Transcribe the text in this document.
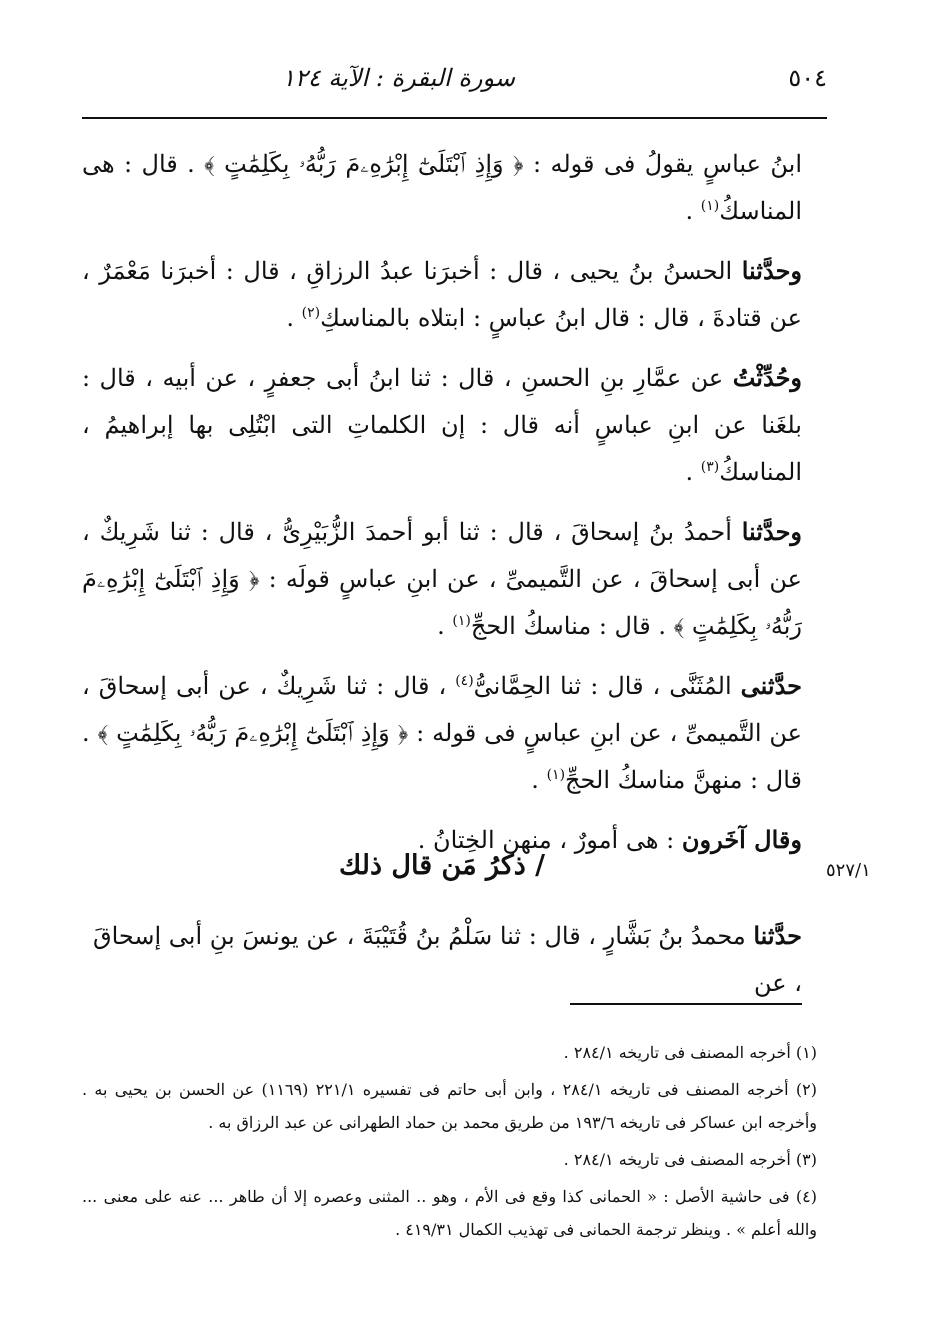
٥٠٤
سورة البقرة : الآية ١٢٤

ابنُ عباسٍ يقولُ فى قوله : ﴿ وَإِذِ ٱبْتَلَىٰٓ إِبْرَٰهِۦمَ رَبُّهُۥ بِكَلِمَٰتٍ ﴾ . قال : هى المناسكُ$^{(١)}$ .

وحدَّثنا الحسنُ بنُ يحيى ، قال : أخبرَنا عبدُ الرزاقِ ، قال : أخبرَنا مَعْمَرٌ ، عن قتادةَ ، قال : قال ابنُ عباسٍ : ابتلاه بالمناسكِ$^{(٢)}$ .

وحُدِّثْتُ عن عمَّارِ بنِ الحسنِ ، قال : ثنا ابنُ أبى جعفرٍ ، عن أبيه ، قال : بلغَنا عن ابنِ عباسٍ أنه قال : إن الكلماتِ التى ابْتُلِى بها إبراهيمُ ، المناسكُ$^{(٣)}$ .

وحدَّثنا أحمدُ بنُ إسحاقَ ، قال : ثنا أبو أحمدَ الزُّبَيْرِىُّ ، قال : ثنا شَرِيكٌ ، عن أبى إسحاقَ ، عن التَّميمىِّ ، عن ابنِ عباسٍ قولَه : ﴿ وَإِذِ ٱبْتَلَىٰٓ إِبْرَٰهِۦمَ رَبُّهُۥ بِكَلِمَٰتٍ ﴾ . قال : مناسكُ الحجِّ$^{(١)}$ .

حدَّثنى المُثَنَّى ، قال : ثنا الحِمَّانىُّ$^{(٤)}$ ، قال : ثنا شَرِيكٌ ، عن أبى إسحاقَ ، عن التَّميمىِّ ، عن ابنِ عباسٍ فى قوله : ﴿ وَإِذِ ٱبْتَلَىٰٓ إِبْرَٰهِۦمَ رَبُّهُۥ بِكَلِمَٰتٍ ﴾ . قال : منهنَّ مناسكُ الحجِّ$^{(١)}$ .

وقال آخَرون : هى أمورٌ ، منهن الخِتانُ .

/ ذكرُ مَن قال ذلك	٥٢٧/١

حدَّثنا محمدُ بنُ بَشَّارٍ ، قال : ثنا سَلْمُ بنُ قُتَيْبَةَ ، عن يونسَ بنِ أبى إسحاقَ ، عن

(١) أخرجه المصنف فى تاريخه ٢٨٤/١ .

(٢) أخرجه المصنف فى تاريخه ٢٨٤/١ ، وابن أبى حاتم فى تفسيره ٢٢١/١ (١١٦٩) عن الحسن بن يحيى به . وأخرجه ابن عساكر فى تاريخه ١٩٣/٦ من طريق محمد بن حماد الطهرانى عن عبد الرزاق به .

(٣) أخرجه المصنف فى تاريخه ٢٨٤/١ .

(٤) فى حاشية الأصل : « الحمانى كذا وقع فى الأم ، وهو .. المثنى وعصره إلا أن طاهر ... عنه على معنى ... والله أعلم » . وينظر ترجمة الحمانى فى تهذيب الكمال ٤١٩/٣١ .
